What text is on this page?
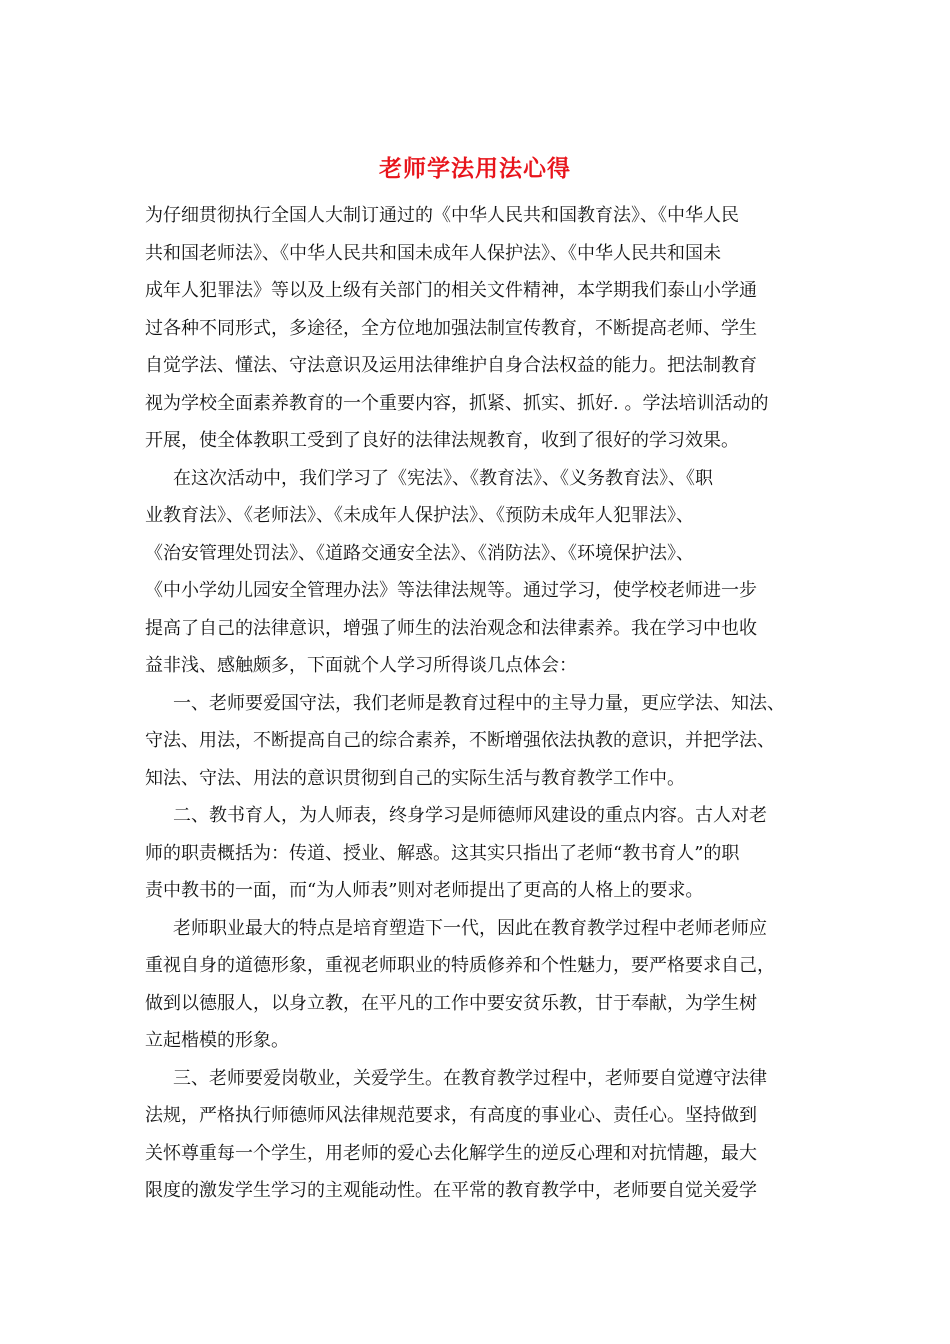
老师学法用法心得
为仔细贯彻执行全国人大制订通过的《中华人民共和国教育法》、《中华人民
共和国老师法》、《中华人民共和国未成年人保护法》、《中华人民共和国未
成年人犯罪法》等以及上级有关部门的相关文件精神，本学期我们泰山小学通
过各种不同形式，多途径，全方位地加强法制宣传教育，不断提高老师、学生
自觉学法、懂法、守法意识及运用法律维护自身合法权益的能力。把法制教育
视为学校全面素养教育的一个重要内容，抓紧、抓实、抓好. 。学法培训活动的
开展，使全体教职工受到了良好的法律法规教育，收到了很好的学习效果。
在这次活动中，我们学习了《宪法》、《教育法》、《义务教育法》、《职
业教育法》、《老师法》、《未成年人保护法》、《预防未成年人犯罪法》、
《治安管理处罚法》、《道路交通安全法》、《消防法》、《环境保护法》、
《中小学幼儿园安全管理办法》等法律法规等。通过学习，使学校老师进一步
提高了自己的法律意识，增强了师生的法治观念和法律素养。我在学习中也收
益非浅、感触颇多，下面就个人学习所得谈几点体会：
一、老师要爱国守法，我们老师是教育过程中的主导力量，更应学法、知法、
守法、用法，不断提高自己的综合素养，不断增强依法执教的意识，并把学法、
知法、守法、用法的意识贯彻到自己的实际生活与教育教学工作中。
二、教书育人，为人师表，终身学习是师德师风建设的重点内容。古人对老
师的职责概括为：传道、授业、解惑。这其实只指出了老师“教书育人”的职
责中教书的一面，而“为人师表”则对老师提出了更高的人格上的要求。
老师职业最大的特点是培育塑造下一代，因此在教育教学过程中老师老师应
重视自身的道德形象，重视老师职业的特质修养和个性魅力，要严格要求自己，
做到以德服人，以身立教，在平凡的工作中要安贫乐教，甘于奉献，为学生树
立起楷模的形象。
三、老师要爱岗敬业，关爱学生。在教育教学过程中，老师要自觉遵守法律
法规，严格执行师德师风法律规范要求，有高度的事业心、责任心。坚持做到
关怀尊重每一个学生，用老师的爱心去化解学生的逆反心理和对抗情趣，最大
限度的激发学生学习的主观能动性。在平常的教育教学中，老师要自觉关爱学
